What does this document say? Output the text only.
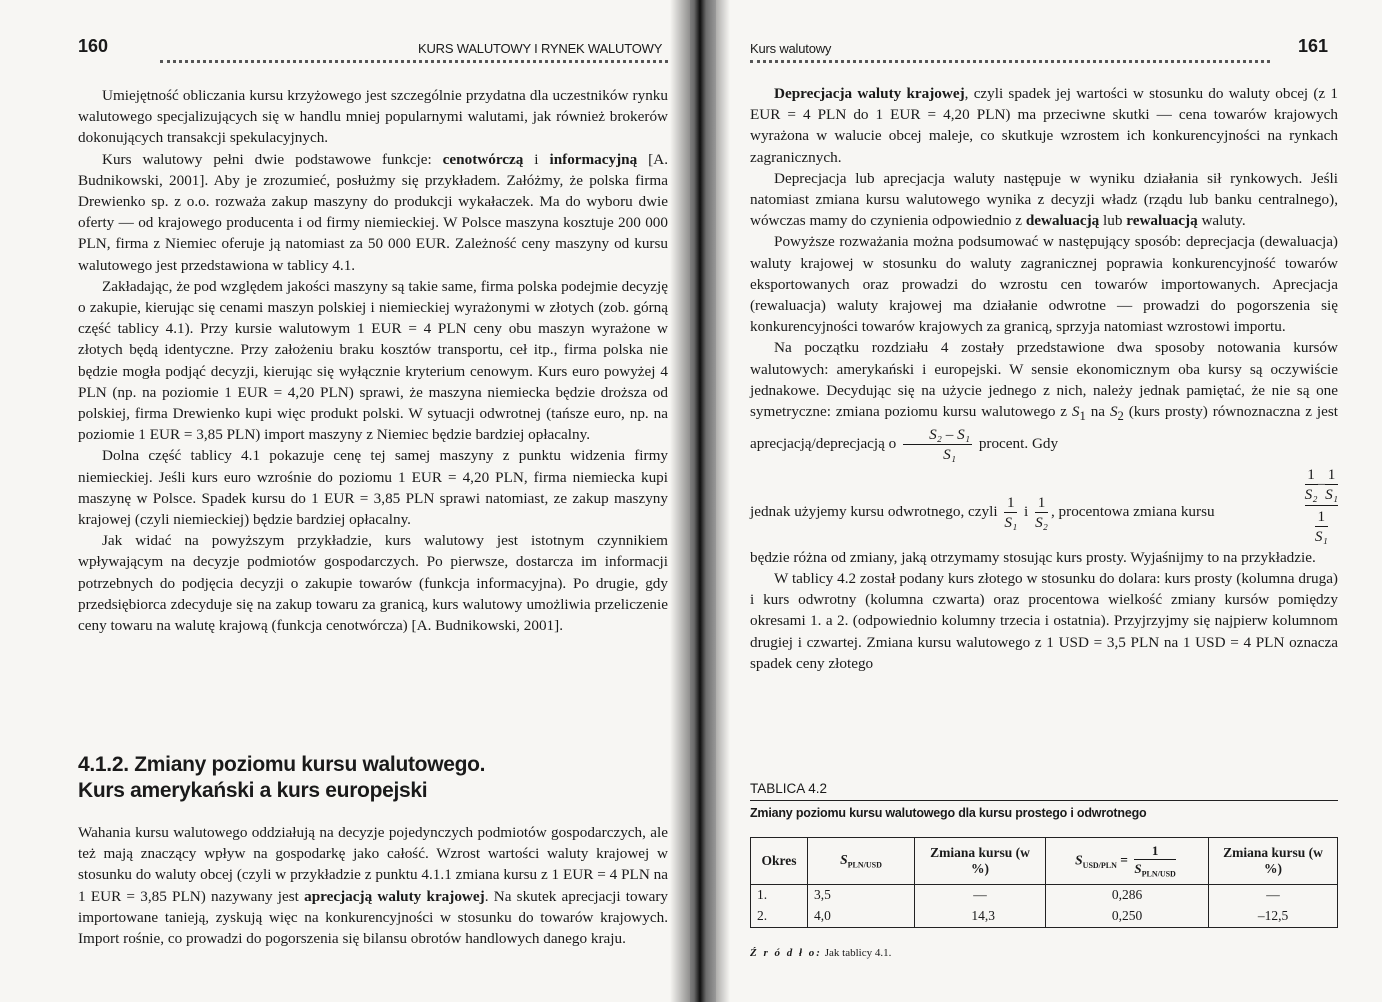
160	KURS WALUTOWY I RYNEK WALUTOWY

Umiejętność obliczania kursu krzyżowego jest szczególnie przydatna dla uczestników rynku walutowego specjalizujących się w handlu mniej popularnymi walutami, jak również brokerów dokonujących transakcji spekulacyjnych.

Kurs walutowy pełni dwie podstawowe funkcje: cenotwórczą i informacyjną [A. Budnikowski, 2001]. Aby je zrozumieć, posłużmy się przykładem. Załóżmy, że polska firma Drewienko sp. z o.o. rozważa zakup maszyny do produkcji wykałaczek. Ma do wyboru dwie oferty — od krajowego producenta i od firmy niemieckiej. W Polsce maszyna kosztuje 200 000 PLN, firma z Niemiec oferuje ją natomiast za 50 000 EUR. Zależność ceny maszyny od kursu walutowego jest przedstawiona w tablicy 4.1.

Zakładając, że pod względem jakości maszyny są takie same, firma polska podejmie decyzję o zakupie, kierując się cenami maszyn polskiej i niemieckiej wyrażonymi w złotych (zob. górną część tablicy 4.1). Przy kursie walutowym 1 EUR = 4 PLN ceny obu maszyn wyrażone w złotych będą identyczne. Przy założeniu braku kosztów transportu, ceł itp., firma polska nie będzie mogła podjąć decyzji, kierując się wyłącznie kryterium cenowym. Kurs euro powyżej 4 PLN (np. na poziomie 1 EUR = 4,20 PLN) sprawi, że maszyna niemiecka będzie droższa od polskiej, firma Drewienko kupi więc produkt polski. W sytuacji odwrotnej (tańsze euro, np. na poziomie 1 EUR = 3,85 PLN) import maszyny z Niemiec będzie bardziej opłacalny.

Dolna część tablicy 4.1 pokazuje cenę tej samej maszyny z punktu widzenia firmy niemieckiej. Jeśli kurs euro wzrośnie do poziomu 1 EUR = 4,20 PLN, firma niemiecka kupi maszynę w Polsce. Spadek kursu do 1 EUR = 3,85 PLN sprawi natomiast, ze zakup maszyny krajowej (czyli niemieckiej) będzie bardziej opłacalny.

Jak widać na powyższym przykładzie, kurs walutowy jest istotnym czynnikiem wpływającym na decyzje podmiotów gospodarczych. Po pierwsze, dostarcza im informacji potrzebnych do podjęcia decyzji o zakupie towarów (funkcja informacyjna). Po drugie, gdy przedsiębiorca zdecyduje się na zakup towaru za granicą, kurs walutowy umożliwia przeliczenie ceny towaru na walutę krajową (funkcja cenotwórcza) [A. Budnikowski, 2001].

4.1.2. Zmiany poziomu kursu walutowego.
Kurs amerykański a kurs europejski

Wahania kursu walutowego oddziałują na decyzje pojedynczych podmiotów gospodarczych, ale też mają znaczący wpływ na gospodarkę jako całość. Wzrost wartości waluty krajowej w stosunku do waluty obcej (czyli w przykładzie z punktu 4.1.1 zmiana kursu z 1 EUR = 4 PLN na 1 EUR = 3,85 PLN) nazywany jest aprecjacją waluty krajowej. Na skutek aprecjacji towary importowane tanieją, zyskują więc na konkurencyjności w stosunku do towarów krajowych. Import rośnie, co prowadzi do pogorszenia się bilansu obrotów handlowych danego kraju.

Kurs walutowy	161

Deprecjacja waluty krajowej, czyli spadek jej wartości w stosunku do waluty obcej (z 1 EUR = 4 PLN do 1 EUR = 4,20 PLN) ma przeciwne skutki — cena towarów krajowych wyrażona w walucie obcej maleje, co skutkuje wzrostem ich konkurencyjności na rynkach zagranicznych.

Deprecjacja lub aprecjacja waluty następuje w wyniku działania sił rynkowych. Jeśli natomiast zmiana kursu walutowego wynika z decyzji władz (rządu lub banku centralnego), wówczas mamy do czynienia odpowiednio z dewaluacją lub rewaluacją waluty.

Powyższe rozważania można podsumować w następujący sposób: deprecjacja (dewaluacja) waluty krajowej w stosunku do waluty zagranicznej poprawia konkurencyjność towarów eksportowanych oraz prowadzi do wzrostu cen towarów importowanych. Aprecjacja (rewaluacja) waluty krajowej ma działanie odwrotne — prowadzi do pogorszenia się konkurencyjności towarów krajowych za granicą, sprzyja natomiast wzrostowi importu.

Na początku rozdziału 4 zostały przedstawione dwa sposoby notowania kursów walutowych: amerykański i europejski. W sensie ekonomicznym oba kursy są oczywiście jednakowe. Decydując się na użycie jednego z nich, należy jednak pamiętać, że nie są one symetryczne: zmiana poziomu kursu walutowego z $S_1$ na $S_2$ (kurs prosty) równoznaczna z jest aprecjacją/deprecjacją o $\frac{\text{S₂ – S₁}}{\text{S₁}}$ procent. Gdy

jednak użyjemy kursu odwrotnego, czyli $\frac{1}{\text{S₁}}$ i $\frac{1}{\text{S₂}}$ , procentowa zmiana kursu
$\frac{1}{\text{S₂}} - \frac{1}{\text{S₁}}$
$\frac{1}{\text{S₁}}$

będzie różna od zmiany, jaką otrzymamy stosując kurs prosty. Wyjaśnijmy to na przykładzie.

W tablicy 4.2 został podany kurs złotego w stosunku do dolara: kurs prosty (kolumna druga) i kurs odwrotny (kolumna czwarta) oraz procentowa wielkość zmiany kursów pomiędzy okresami 1. a 2. (odpowiednio kolumny trzecia i ostatnia). Przyjrzyjmy się najpierw kolumnom drugiej i czwartej. Zmiana kursu walutowego z 1 USD = 3,5 PLN na 1 USD = 4 PLN oznacza spadek ceny złotego

TABLICA 4.2
Zmiany poziomu kursu walutowego dla kursu prostego i odwrotnego
Okres	$S_{PLN/USD}$	Zmiana kursu (w %)	$S_{USD/PLN} = \frac{1}{S_{PLN/USD}}$	Zmiana kursu (w %)
1.	3,5	—	0,286	—
2.	4,0	14,3	0,250	–12,5
Ź r ó d ł o: Jak tablicy 4.1.
